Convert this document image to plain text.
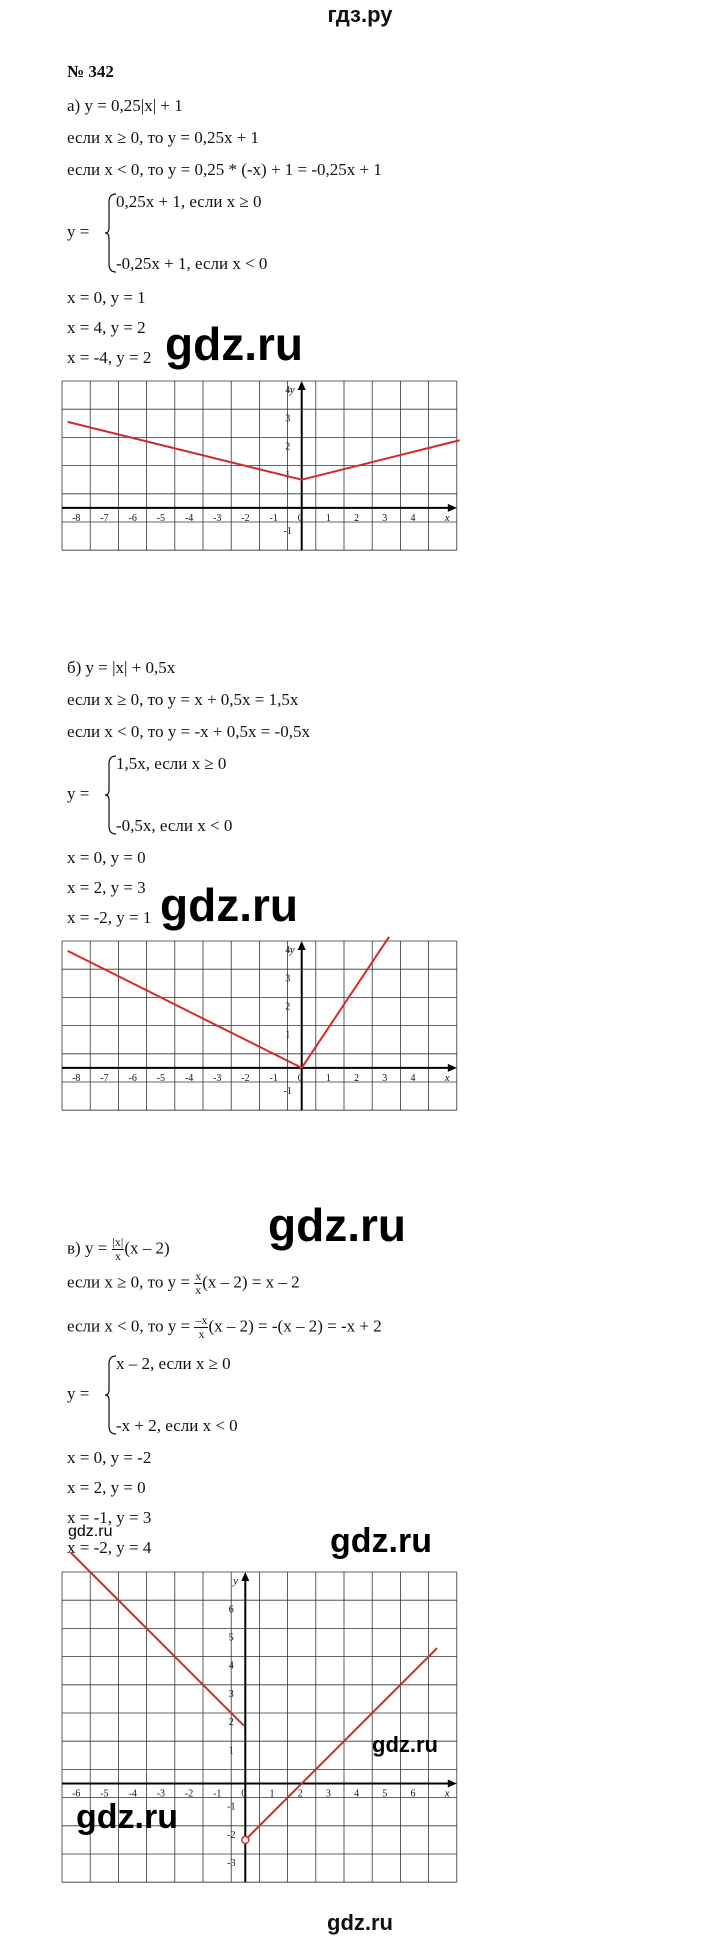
гдз.ру
№ 342
а) y = 0,25|x| + 1
если x ≥ 0, то y = 0,25x + 1
если x < 0, то y = 0,25 * (-x) + 1 = -0,25x + 1
y =
0,25x + 1, если x ≥ 0
-0,25x + 1, если x < 0
x = 0, y = 1
x = 4, y = 2
x = -4, y = 2 gdz.ru
-8 -7 -6 -5 -4 -3 -2 -1 0 1 2 3 4	x
4
3
2
1
-1
y
б) y = |x| + 0,5x
если x ≥ 0, то y = x + 0,5x = 1,5x
если x < 0, то y = -x + 0,5x = -0,5x
y =
1,5x, если x ≥ 0
-0,5x, если x < 0
x = 0, y = 0
x = 2, y = 3
x = -2, y = 1 gdz.ru
-8 -7 -6 -5 -4 -3 -2 -1 0 1 2 3 4	x
4
3
2
1
-1
y
в) $y = \frac{|x|}{x} (x - 2)$ gdz.ru
если x ≥ 0, то $y = \frac{x}{x} (x - 2) = x - 2$
если x < 0, то $y = \frac{-x}{x} (x - 2) = -(x - 2) = -x + 2$
y =
x – 2, если x ≥ 0
-x + 2, если x < 0
x = 0, y = -2
x = 2, y = 0
x = -1, y = 3
x = -2, y = 4
gdz.ru	gdz.ru
-6 -5 -4 -3 -2 -1 0 1 2 3 4 5 6	x
6
5
4
3
2
1
-1
-2
-3
y
gdz.ru
gdz.ru
gdz.ru
